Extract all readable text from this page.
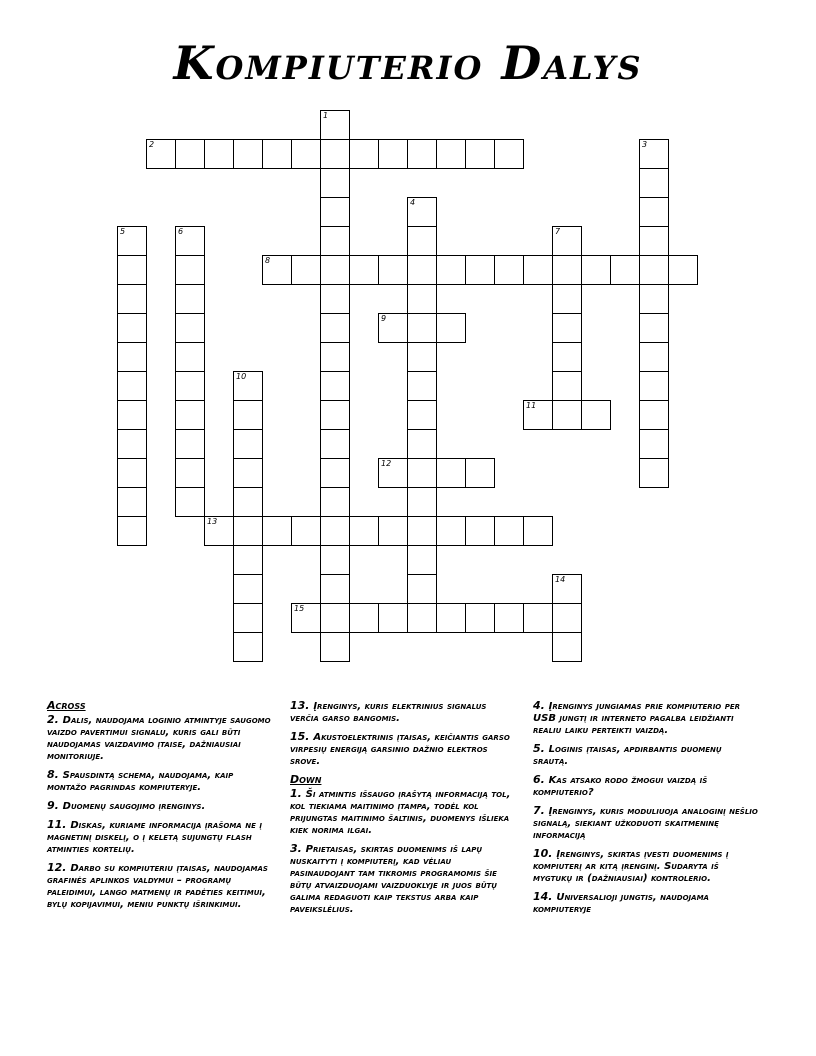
Kompiuterio Dalys
1
2	3
4
5	6	7
8
9
10
11
12
13
14
15
Across
2. Dalis, naudojama loginio atmintyje saugomo vaizdo pavertimui signalu, kuris gali būti naudojamas vaizdavimo įtaise, dažniausiai monitoriuje.
8. Spausdintą schema, naudojama, kaip montažo pagrindas kompiuteryje.
9. Duomenų saugojimo įrenginys.
11. Diskas, kuriame informacija įrašoma ne į magnetinį diskelį, o į keletą sujungtų flash atminties kortelių.
12. Darbo su kompiuteriu įtaisas, naudojamas grafinės aplinkos valdymui – programų paleidimui, lango matmenų ir padėties keitimui, bylų kopijavimui, meniu punktų išrinkimui.
13. Įrenginys, kuris elektrinius signalus verčia garso bangomis.
15. Akustoelektrinis įtaisas, keičiantis garso virpesių energiją garsinio dažnio elektros srove.
Down
1. Ši atmintis išsaugo įrašytą informaciją tol, kol tiekiama maitinimo įtampa, todėl kol prijungtas maitinimo šaltinis, duomenys išlieka kiek norima ilgai.
3. Prietaisas, skirtas duomenims iš lapų nuskaityti į kompiuterį, kad vėliau pasinaudojant tam tikromis programomis šie būtų atvaizduojami vaizduoklyje ir juos būtų galima redaguoti kaip tekstus arba kaip paveikslėlius.
4. Įrenginys jungiamas prie kompiuterio per USB jungtį ir interneto pagalba leidžianti realiu laiku perteikti vaizdą.
5. Loginis įtaisas, apdirbantis duomenų srautą.
6. Kas atsako rodo žmogui vaizdą iš kompiuterio?
7. Įrenginys, kuris moduliuoja analoginį nešlio signalą, siekiant užkoduoti skaitmeninę informaciją
10. Įrenginys, skirtas įvesti duomenims į kompiuterį ar kitą įrenginį. Sudaryta iš mygtukų ir (dažniausiai) kontrolerio.
14. Universalioji jungtis, naudojama kompiuteryje
